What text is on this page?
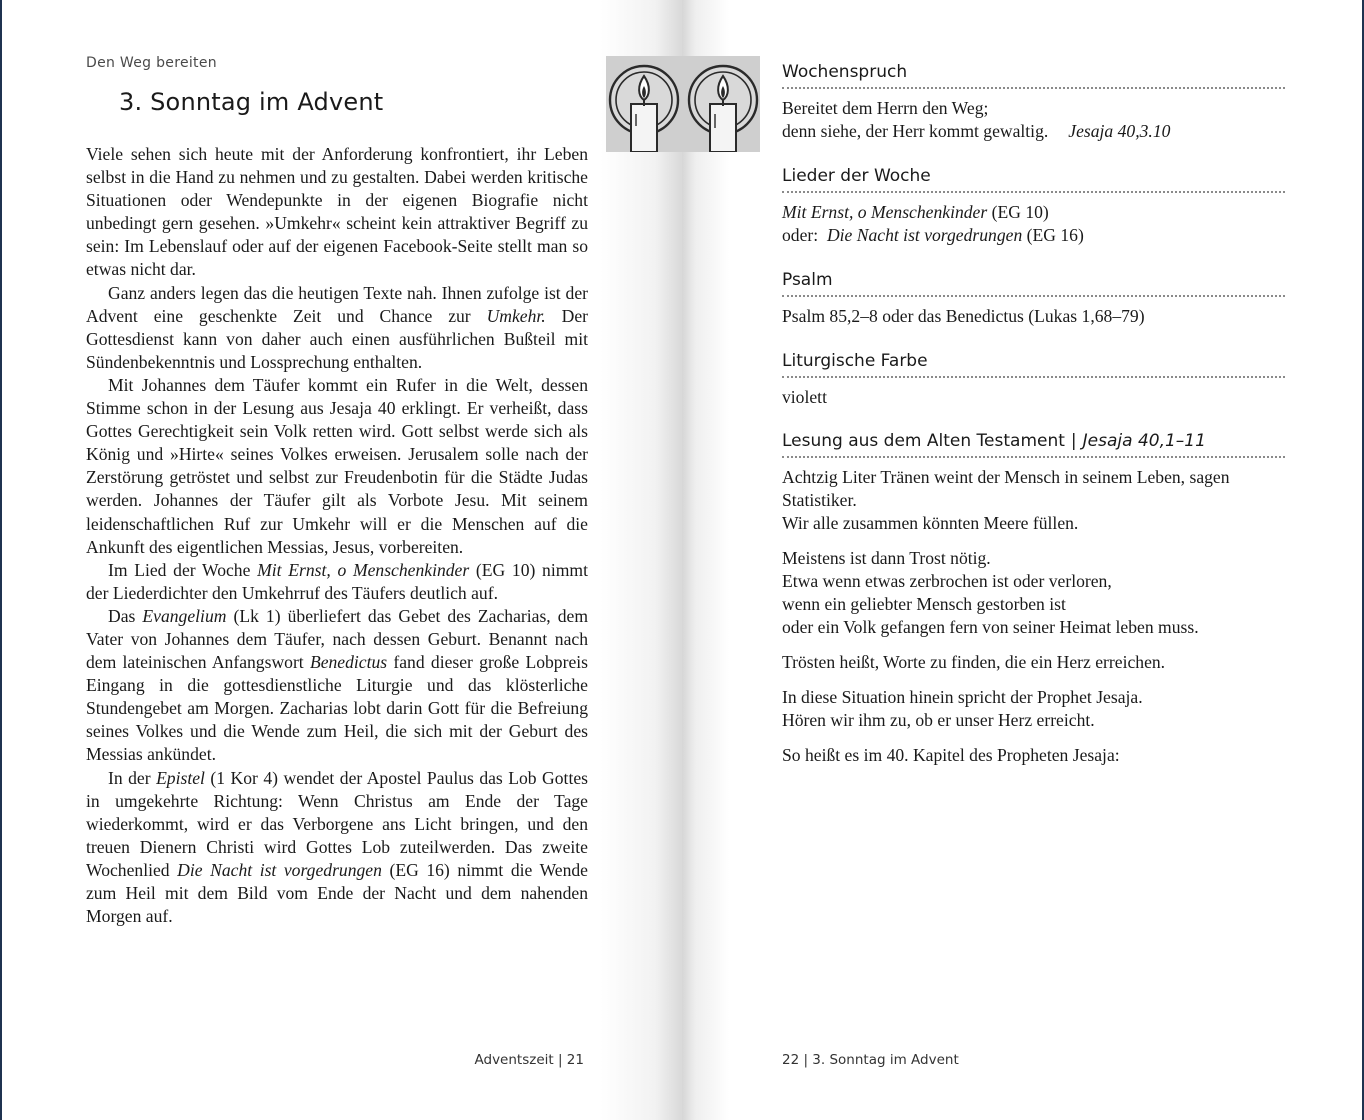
Den Weg bereiten
3. Sonntag im Advent

Viele sehen sich heute mit der Anforderung konfrontiert, ihr Leben selbst in die Hand zu nehmen und zu gestalten. Dabei werden kritische Situationen oder Wendepunkte in der eigenen Biografie nicht unbedingt gern gesehen. »Umkehr« scheint kein attraktiver Begriff zu sein: Im Lebenslauf oder auf der eigenen Facebook-Seite stellt man so etwas nicht dar.

Ganz anders legen das die heutigen Texte nah. Ihnen zufolge ist der Advent eine geschenkte Zeit und Chance zur Umkehr. Der Gottesdienst kann von daher auch einen ausführlichen Bußteil mit Sündenbekenntnis und Lossprechung enthalten.

Mit Johannes dem Täufer kommt ein Rufer in die Welt, dessen Stimme schon in der Lesung aus Jesaja 40 erklingt. Er verheißt, dass Gottes Gerechtigkeit sein Volk retten wird. Gott selbst werde sich als König und »Hirte« seines Volkes erweisen. Jerusalem solle nach der Zerstörung getröstet und selbst zur Freudenbotin für die Städte Judas werden. Johannes der Täufer gilt als Vorbote Jesu. Mit seinem leidenschaftlichen Ruf zur Umkehr will er die Menschen auf die Ankunft des eigentlichen Messias, Jesus, vorbereiten.

Im Lied der Woche Mit Ernst, o Menschenkinder (EG 10) nimmt der Liederdichter den Umkehrruf des Täufers deutlich auf.

Das Evangelium (Lk 1) überliefert das Gebet des Zacharias, dem Vater von Johannes dem Täufer, nach dessen Geburt. Benannt nach dem lateinischen Anfangswort Benedictus fand dieser große Lobpreis Eingang in die gottesdienstliche Liturgie und das klösterliche Stundengebet am Morgen. Zacharias lobt darin Gott für die Befreiung seines Volkes und die Wende zum Heil, die sich mit der Geburt des Messias ankündet.

In der Epistel (1 Kor 4) wendet der Apostel Paulus das Lob Gottes in umgekehrte Richtung: Wenn Christus am Ende der Tage wiederkommt, wird er das Verborgene ans Licht bringen, und den treuen Dienern Christi wird Gottes Lob zuteilwerden. Das zweite Wochenlied Die Nacht ist vorgedrungen (EG 16) nimmt die Wende zum Heil mit dem Bild vom Ende der Nacht und dem nahenden Morgen auf.

Adventszeit | 21
Wochenspruch

Bereitet dem Herrn den Weg;

denn siehe, der Herr kommt gewaltig. Jesaja 40,3.10

Lieder der Woche

Mit Ernst, o Menschenkinder (EG 10)

oder:  Die Nacht ist vorgedrungen (EG 16)

Psalm

Psalm 85,2–8 oder das Benedictus (Lukas 1,68–79)

Liturgische Farbe

violett

Lesung aus dem Alten Testament | Jesaja 40,1–11

Achtzig Liter Tränen weint der Mensch in seinem Leben, sagen Statistiker.

Wir alle zusammen könnten Meere füllen.

Meistens ist dann Trost nötig.

Etwa wenn etwas zerbrochen ist oder verloren,

wenn ein geliebter Mensch gestorben ist

oder ein Volk gefangen fern von seiner Heimat leben muss.

Trösten heißt, Worte zu finden, die ein Herz erreichen.

In diese Situation hinein spricht der Prophet Jesaja.

Hören wir ihm zu, ob er unser Herz erreicht.

So heißt es im 40. Kapitel des Propheten Jesaja:

22 | 3. Sonntag im Advent
